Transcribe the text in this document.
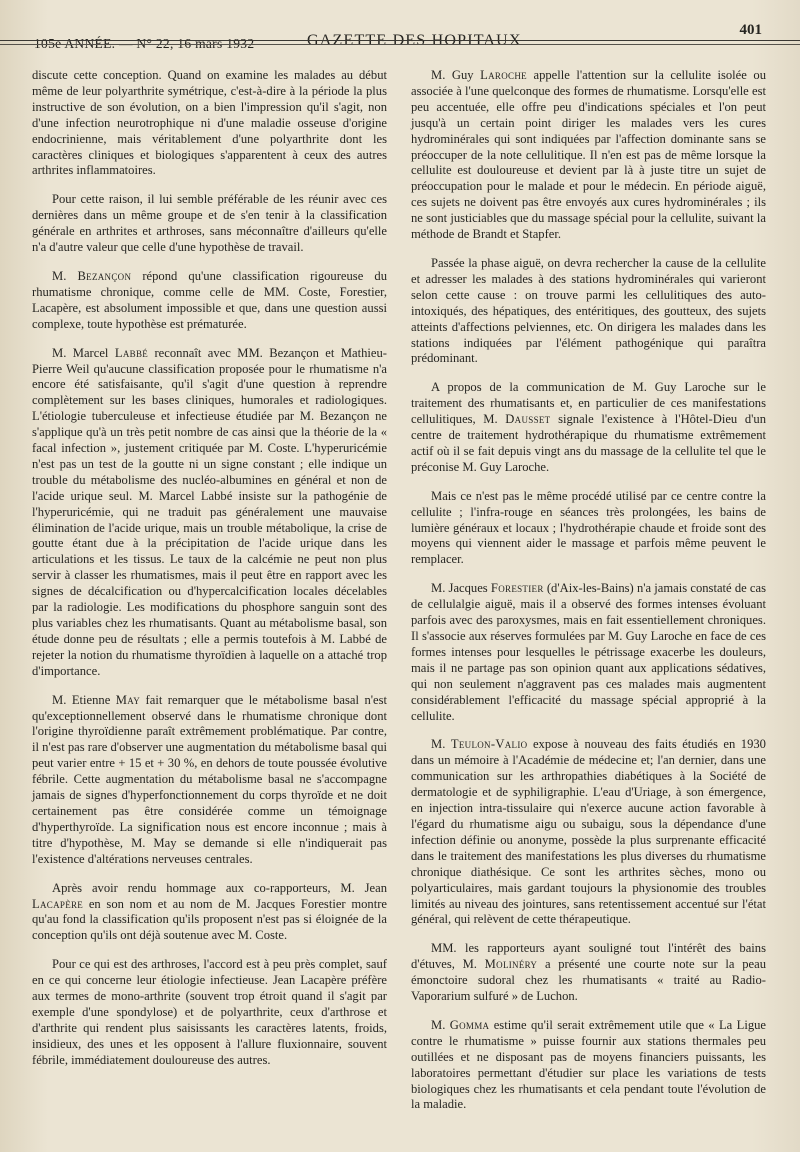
105e ANNÉE. — N° 22, 16 mars 1932	GAZETTE DES HOPITAUX
401

discute cette conception. Quand on examine les malades au début même de leur polyarthrite symétrique, c'est-à-dire à la période la plus instructive de son évolution, on a bien l'impression qu'il s'agit, non d'une infection neurotrophique ni d'une maladie osseuse d'origine endocrinienne, mais véritablement d'une polyarthrite dont les caractères cliniques et biologiques s'apparentent à ceux des autres arthrites inflammatoires.

Pour cette raison, il lui semble préférable de les réunir avec ces dernières dans un même groupe et de s'en tenir à la classification générale en arthrites et arthroses, sans méconnaître d'ailleurs qu'elle n'a d'autre valeur que celle d'une hypothèse de travail.

M. Bezançon répond qu'une classification rigoureuse du rhumatisme chronique, comme celle de MM. Coste, Forestier, Lacapère, est absolument impossible et que, dans une question aussi complexe, toute hypothèse est prématurée.

M. Marcel Labbé reconnaît avec MM. Bezançon et Mathieu-Pierre Weil qu'aucune classification proposée pour le rhumatisme n'a encore été satisfaisante, qu'il s'agit d'une question à reprendre complètement sur les bases cliniques, humorales et radiologiques. L'étiologie tuberculeuse et infectieuse étudiée par M. Bezançon ne s'applique qu'à un très petit nombre de cas ainsi que la théorie de la « facal infection », justement critiquée par M. Coste. L'hyperuricémie n'est pas un test de la goutte ni un signe constant ; elle indique un trouble du métabolisme des nucléo-albumines en général et non de l'acide urique seul. M. Marcel Labbé insiste sur la pathogénie de l'hyperuricémie, qui ne traduit pas généralement une mauvaise élimination de l'acide urique, mais un trouble métabolique, la crise de goutte étant due à la précipitation de l'acide urique dans les articulations et les tissus. Le taux de la calcémie ne peut non plus servir à classer les rhumatismes, mais il peut être en rapport avec les signes de décalcification ou d'hypercalcification locales décelables par la radiologie. Les modifications du phosphore sanguin sont des plus variables chez les rhumatisants. Quant au métabolisme basal, son étude donne peu de résultats ; elle a permis toutefois à M. Labbé de rejeter la notion du rhumatisme thyroïdien à laquelle on a attaché trop d'importance.

M. Etienne May fait remarquer que le métabolisme basal n'est qu'exceptionnellement observé dans le rhumatisme chronique dont l'origine thyroïdienne paraît extrêmement problématique. Par contre, il n'est pas rare d'observer une augmentation du métabolisme basal qui peut varier entre + 15 et + 30 %, en dehors de toute poussée évolutive fébrile. Cette augmentation du métabolisme basal ne s'accompagne jamais de signes d'hyperfonctionnement du corps thyroïde et ne doit certainement pas être considérée comme un témoignage d'hyperthyroïde. La signification nous est encore inconnue ; mais à titre d'hypothèse, M. May se demande si elle n'indiquerait pas l'existence d'altérations nerveuses centrales.

Après avoir rendu hommage aux co-rapporteurs, M. Jean Lacapère en son nom et au nom de M. Jacques Forestier montre qu'au fond la classification qu'ils proposent n'est pas si éloignée de la conception qu'ils ont déjà soutenue avec M. Coste.

Pour ce qui est des arthroses, l'accord est à peu près complet, sauf en ce qui concerne leur étiologie infectieuse. Jean Lacapère préfère aux termes de mono-arthrite (souvent trop étroit quand il s'agit par exemple d'une spondylose) et de polyarthrite, ceux d'arthrose et d'arthrite qui rendent plus saisissants les caractères latents, froids, insidieux, des unes et les opposent à l'allure fluxionnaire, souvent fébrile, immédiatement douloureuse des autres.

M. Guy Laroche appelle l'attention sur la cellulite isolée ou associée à l'une quelconque des formes de rhumatisme. Lorsqu'elle est peu accentuée, elle offre peu d'indications spéciales et l'on peut jusqu'à un certain point diriger les malades vers les cures hydrominérales qui sont indiquées par l'affection dominante sans se préoccuper de la note cellulitique. Il n'en est pas de même lorsque la cellulite est douloureuse et devient par là à juste titre un sujet de préoccupation pour le malade et pour le médecin. En période aiguë, ces sujets ne doivent pas être envoyés aux cures hydrominérales ; ils ne sont justiciables que du massage spécial pour la cellulite, suivant la méthode de Brandt et Stapfer.

Passée la phase aiguë, on devra rechercher la cause de la cellulite et adresser les malades à des stations hydrominérales qui varieront selon cette cause : on trouve parmi les cellulitiques des auto-intoxiqués, des hépatiques, des entéritiques, des goutteux, des sujets atteints d'affections pelviennes, etc. On dirigera les malades dans les stations indiquées par l'élément pathogénique qui paraîtra prédominant.

A propos de la communication de M. Guy Laroche sur le traitement des rhumatisants et, en particulier de ces manifestations cellulitiques, M. Dausset signale l'existence à l'Hôtel-Dieu d'un centre de traitement hydrothérapique du rhumatisme extrêmement actif où il se fait depuis vingt ans du massage de la cellulite tel que le préconise M. Guy Laroche.

Mais ce n'est pas le même procédé utilisé par ce centre contre la cellulite ; l'infra-rouge en séances très prolongées, les bains de lumière généraux et locaux ; l'hydrothérapie chaude et froide sont des moyens qui viennent aider le massage et parfois même peuvent le remplacer.

M. Jacques Forestier (d'Aix-les-Bains) n'a jamais constaté de cas de cellulalgie aiguë, mais il a observé des formes intenses évoluant parfois avec des paroxysmes, mais en fait essentiellement chroniques. Il s'associe aux réserves formulées par M. Guy Laroche en face de ces formes intenses pour lesquelles le pétrissage exacerbe les douleurs, mais il ne partage pas son opinion quant aux applications sédatives, qui non seulement n'aggravent pas ces malades mais augmentent considérablement l'efficacité du massage spécial approprié à la cellulite.

M. Teulon-Valio expose à nouveau des faits étudiés en 1930 dans un mémoire à l'Académie de médecine et; l'an dernier, dans une communication sur les arthropathies diabétiques à la Société de dermatologie et de syphiligraphie. L'eau d'Uriage, à son émergence, en injection intra-tissulaire qui n'exerce aucune action favorable à l'égard du rhumatisme aigu ou subaigu, sous la dépendance d'une infection définie ou anonyme, possède la plus surprenante efficacité dans le traitement des manifestations les plus diverses du rhumatisme chronique diathésique. Ce sont les arthrites sèches, mono ou polyarticulaires, mais gardant toujours la physionomie des troubles limités au niveau des jointures, sans retentissement accentué sur l'état général, qui relèvent de cette thérapeutique.

MM. les rapporteurs ayant souligné tout l'intérêt des bains d'étuves, M. Molinéry a présenté une courte note sur la peau émonctoire sudoral chez les rhumatisants « traité au Radio-Vaporarium sulfuré » de Luchon.

M. Gomma estime qu'il serait extrêmement utile que « La Ligue contre le rhumatisme » puisse fournir aux stations thermales peu outillées et ne disposant pas de moyens financiers puissants, les laboratoires permettant d'étudier sur place les variations de tests biologiques chez les rhumatisants et cela pendant toute l'évolution de la maladie.
